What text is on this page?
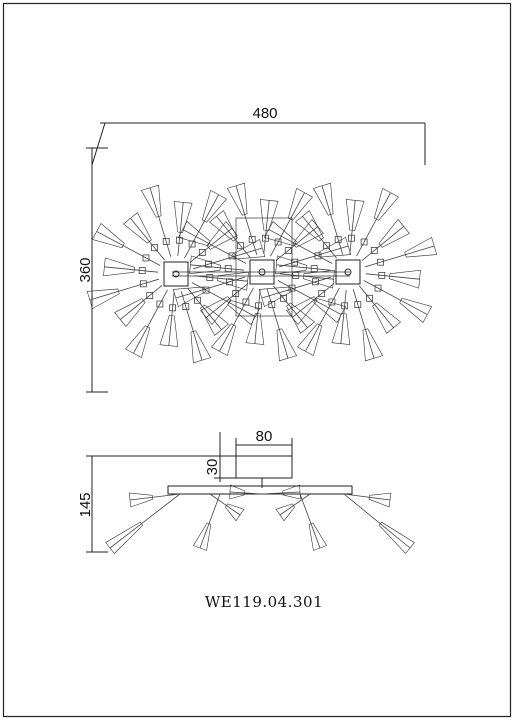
480
360
80
30
145
WE119.04.301
